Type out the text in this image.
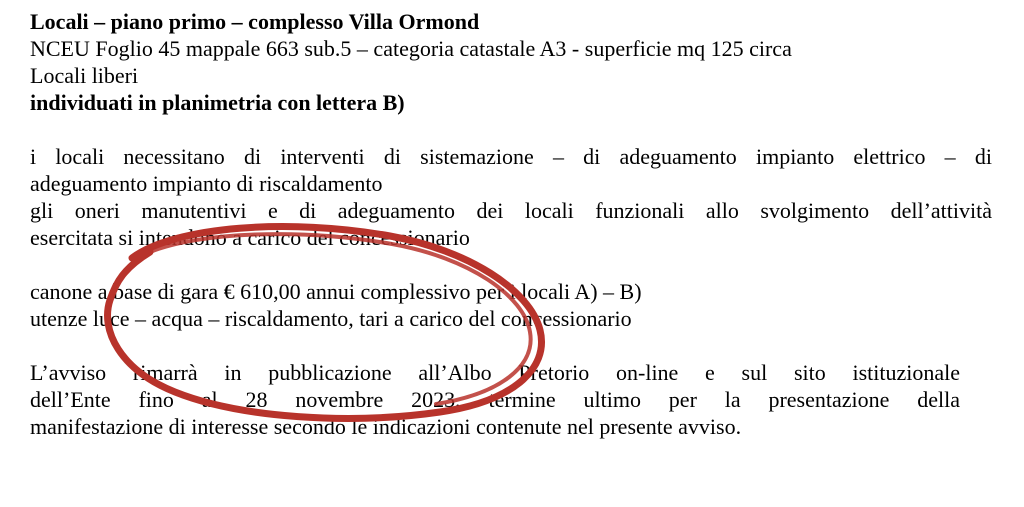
Locali – piano primo – complesso Villa Ormond
NCEU Foglio 45 mappale 663 sub.5 – categoria catastale A3 - superficie mq 125 circa
Locali liberi
individuati in planimetria con lettera B)
i locali necessitano di interventi di sistemazione – di adeguamento impianto elettrico – di
adeguamento impianto di riscaldamento
gli oneri manutentivi e di adeguamento dei locali funzionali allo svolgimento dell’attività
esercitata si intendono a carico del concessionario
canone a base di gara € 610,00 annui complessivo per i locali A) – B)
utenze luce – acqua – riscaldamento, tari a carico del concessionario
L’avviso rimarrà in pubblicazione all’Albo Pretorio on-line e sul sito istituzionale
dell’Ente fino al 28 novembre 2023, termine ultimo per la presentazione della
manifestazione di interesse secondo le indicazioni contenute nel presente avviso.
